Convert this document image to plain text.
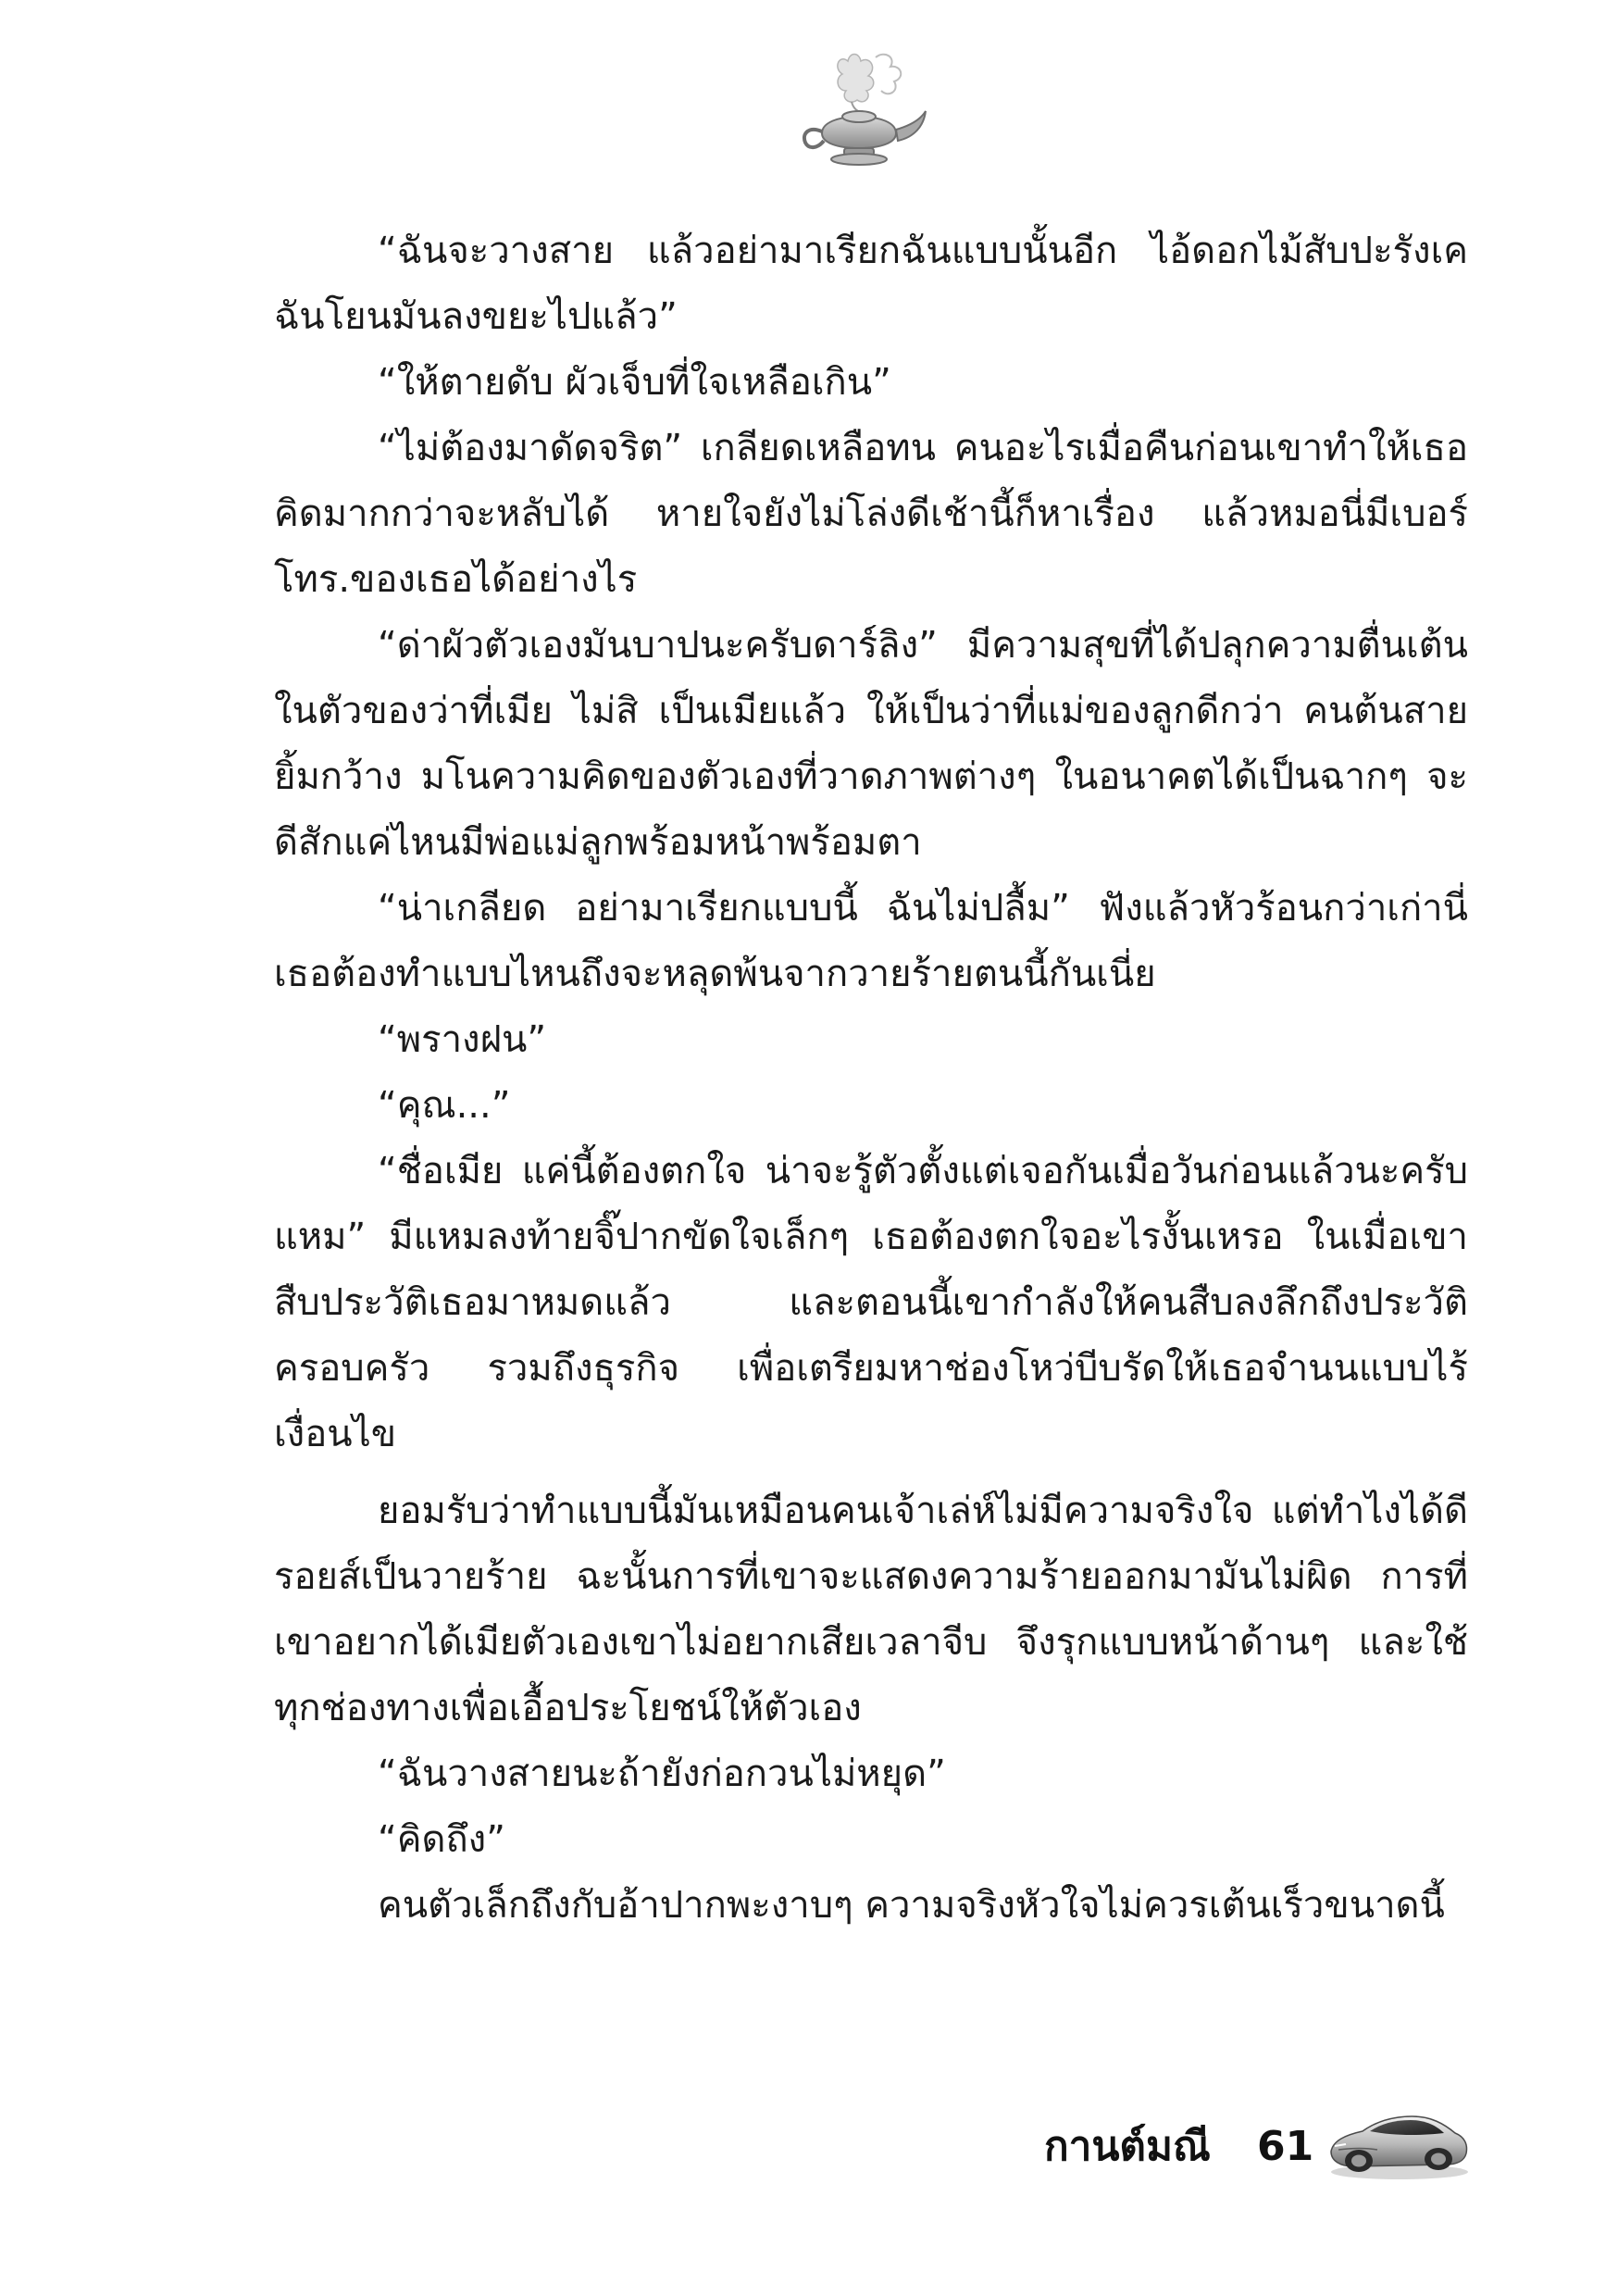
“ฉันจะวางสาย แล้วอย่ามาเรียกฉันแบบนั้นอีก ไอ้ดอกไม้สับปะรังเคฉันโยนมันลงขยะไปแล้ว”

“ให้ตายดับ ผัวเจ็บที่ใจเหลือเกิน”

“ไม่ต้องมาดัดจริต” เกลียดเหลือทน คนอะไรเมื่อคืนก่อนเขาทำให้เธอคิดมากกว่าจะหลับได้ หายใจยังไม่โล่งดีเช้านี้ก็หาเรื่อง แล้วหมอนี่มีเบอร์โทร.ของเธอได้อย่างไร

“ด่าผัวตัวเองมันบาปนะครับดาร์ลิง” มีความสุขที่ได้ปลุกความตื่นเต้นในตัวของว่าที่เมีย ไม่สิ เป็นเมียแล้ว ให้เป็นว่าที่แม่ของลูกดีกว่า คนต้นสายยิ้มกว้าง มโนความคิดของตัวเองที่วาดภาพต่างๆ ในอนาคตได้เป็นฉากๆ จะดีสักแค่ไหนมีพ่อแม่ลูกพร้อมหน้าพร้อมตา

“น่าเกลียด อย่ามาเรียกแบบนี้ ฉันไม่ปลื้ม” ฟังแล้วหัวร้อนกว่าเก่านี่เธอต้องทำแบบไหนถึงจะหลุดพ้นจากวายร้ายตนนี้กันเนี่ย

“พรางฝน”

“คุณ...”

“ชื่อเมีย แค่นี้ต้องตกใจ น่าจะรู้ตัวตั้งแต่เจอกันเมื่อวันก่อนแล้วนะครับแหม” มีแหมลงท้ายจิ๊ปากขัดใจเล็กๆ เธอต้องตกใจอะไรงั้นเหรอ ในเมื่อเขาสืบประวัติเธอมาหมดแล้ว และตอนนี้เขากำลังให้คนสืบลงลึกถึงประวัติครอบครัว รวมถึงธุรกิจ เพื่อเตรียมหาช่องโหว่บีบรัดให้เธอจำนนแบบไร้เงื่อนไข

ยอมรับว่าทำแบบนี้มันเหมือนคนเจ้าเล่ห์ไม่มีความจริงใจ แต่ทำไงได้ดีรอยส์เป็นวายร้าย ฉะนั้นการที่เขาจะแสดงความร้ายออกมามันไม่ผิด การที่เขาอยากได้เมียตัวเองเขาไม่อยากเสียเวลาจีบ จึงรุกแบบหน้าด้านๆ และใช้ทุกช่องทางเพื่อเอื้อประโยชน์ให้ตัวเอง

“ฉันวางสายนะถ้ายังก่อกวนไม่หยุด”

“คิดถึง”

คนตัวเล็กถึงกับอ้าปากพะงาบๆ ความจริงหัวใจไม่ควรเต้นเร็วขนาดนี้

กานต์มณี 61
